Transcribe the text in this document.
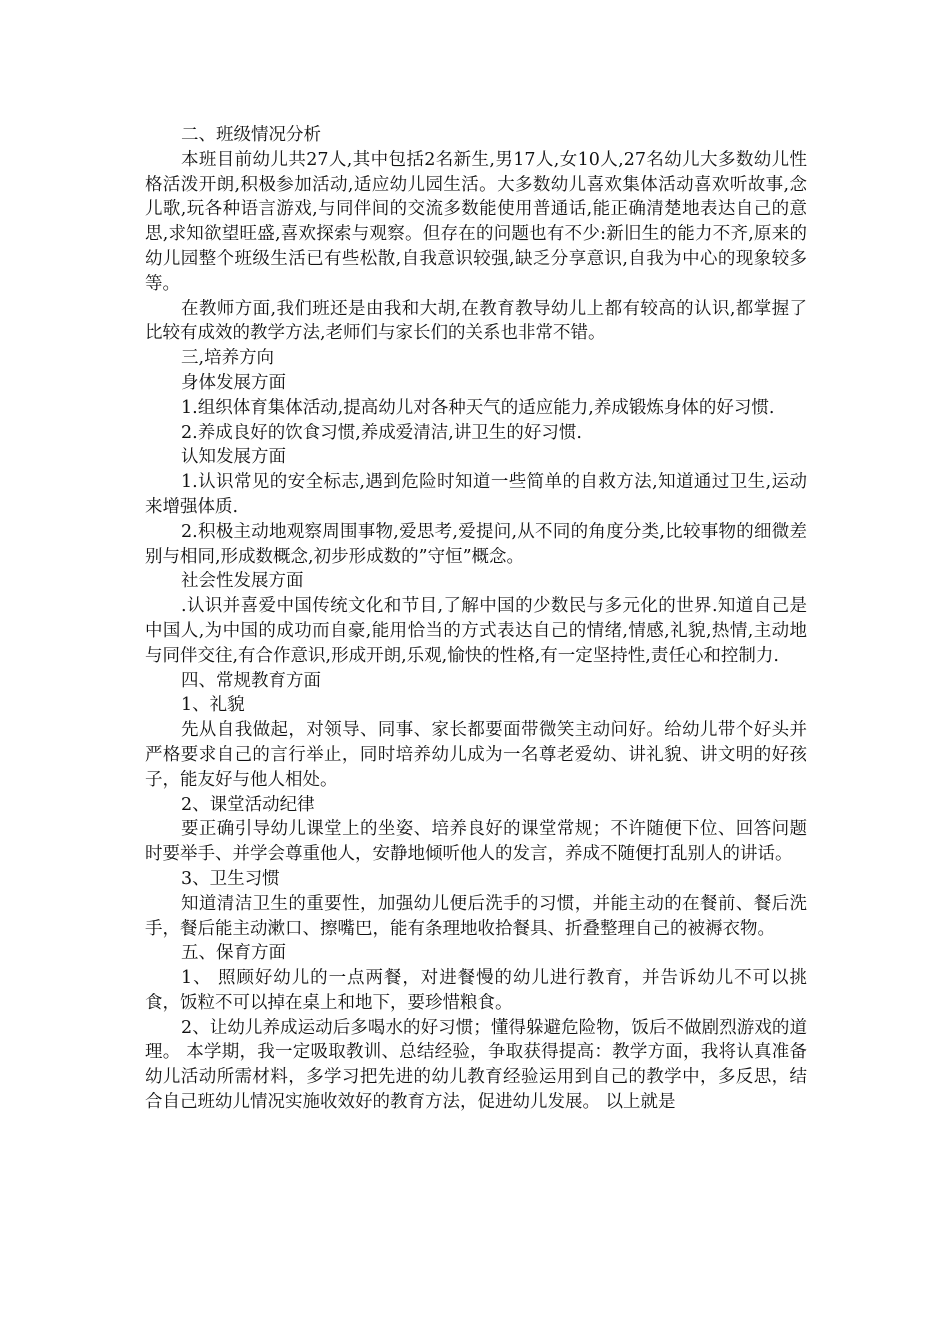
二、班级情况分析

本班目前幼儿共27人,其中包括2名新生,男17人,女10人,27名幼儿大多数幼儿性格活泼开朗,积极参加活动,适应幼儿园生活。大多数幼儿喜欢集体活动喜欢听故事,念儿歌,玩各种语言游戏,与同伴间的交流多数能使用普通话,能正确清楚地表达自己的意思,求知欲望旺盛,喜欢探索与观察。但存在的问题也有不少:新旧生的能力不齐,原来的幼儿园整个班级生活已有些松散,自我意识较强,缺乏分享意识,自我为中心的现象较多等。

在教师方面,我们班还是由我和大胡,在教育教导幼儿上都有较高的认识,都掌握了比较有成效的教学方法,老师们与家长们的关系也非常不错。

三,培养方向

身体发展方面

1.组织体育集体活动,提高幼儿对各种天气的适应能力,养成锻炼身体的好习惯.

2.养成良好的饮食习惯,养成爱清洁,讲卫生的好习惯.

认知发展方面

1.认识常见的安全标志,遇到危险时知道一些简单的自救方法,知道通过卫生,运动来增强体质.

2.积极主动地观察周围事物,爱思考,爱提问,从不同的角度分类,比较事物的细微差别与相同,形成数概念,初步形成数的”守恒”概念。

社会性发展方面

.认识并喜爱中国传统文化和节目,了解中国的少数民与多元化的世界.知道自己是中国人,为中国的成功而自豪,能用恰当的方式表达自己的情绪,情感,礼貌,热情,主动地与同伴交往,有合作意识,形成开朗,乐观,愉快的性格,有一定坚持性,责任心和控制力.

四、常规教育方面

1、礼貌

先从自我做起，对领导、同事、家长都要面带微笑主动问好。给幼儿带个好头并严格要求自己的言行举止，同时培养幼儿成为一名尊老爱幼、讲礼貌、讲文明的好孩子，能友好与他人相处。

2、课堂活动纪律

要正确引导幼儿课堂上的坐姿、培养良好的课堂常规；不许随便下位、回答问题时要举手、并学会尊重他人，安静地倾听他人的发言，养成不随便打乱别人的讲话。

3、卫生习惯

知道清洁卫生的重要性，加强幼儿便后洗手的习惯，并能主动的在餐前、餐后洗手，餐后能主动漱口、擦嘴巴，能有条理地收拾餐具、折叠整理自己的被褥衣物。

五、保育方面

1、 照顾好幼儿的一点两餐，对进餐慢的幼儿进行教育，并告诉幼儿不可以挑食，饭粒不可以掉在桌上和地下，要珍惜粮食。

2、让幼儿养成运动后多喝水的好习惯；懂得躲避危险物，饭后不做剧烈游戏的道理。 本学期，我一定吸取教训、总结经验，争取获得提高：教学方面，我将认真准备幼儿活动所需材料，多学习把先进的幼儿教育经验运用到自己的教学中，多反思，结合自己班幼儿情况实施收效好的教育方法，促进幼儿发展。 以上就是
